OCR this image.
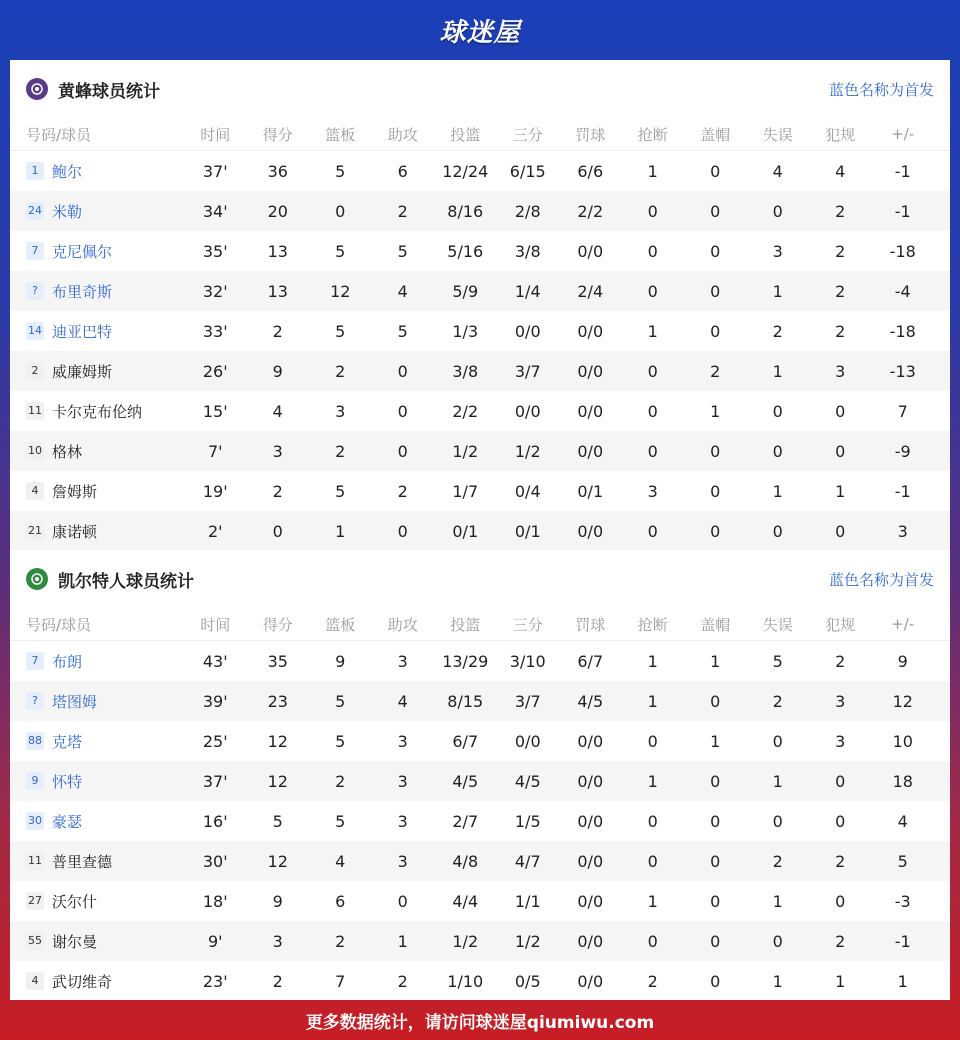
球迷屋
黄蜂球员统计	蓝色名称为首发
号码/球员	时间	得分	篮板	助攻	投篮	三分	罚球	抢断	盖帽	失误	犯规	+/-
1 鲍尔	37'	36	5	6	12/24	6/15	6/6	1	0	4	4	-1
24 米勒	34'	20	0	2	8/16	2/8	2/2	0	0	0	2	-1
7 克尼佩尔	35'	13	5	5	5/16	3/8	0/0	0	0	3	2	-18
? 布里奇斯	32'	13	12	4	5/9	1/4	2/4	0	0	1	2	-4
14 迪亚巴特	33'	2	5	5	1/3	0/0	0/0	1	0	2	2	-18
2 威廉姆斯	26'	9	2	0	3/8	3/7	0/0	0	2	1	3	-13
11 卡尔克布伦纳	15'	4	3	0	2/2	0/0	0/0	0	1	0	0	7
10 格林	7'	3	2	0	1/2	1/2	0/0	0	0	0	0	-9
4 詹姆斯	19'	2	5	2	1/7	0/4	0/1	3	0	1	1	-1
21 康诺顿	2'	0	1	0	0/1	0/1	0/0	0	0	0	0	3
凯尔特人球员统计	蓝色名称为首发
号码/球员	时间	得分	篮板	助攻	投篮	三分	罚球	抢断	盖帽	失误	犯规	+/-
7 布朗	43'	35	9	3	13/29	3/10	6/7	1	1	5	2	9
? 塔图姆	39'	23	5	4	8/15	3/7	4/5	1	0	2	3	12
88 克塔	25'	12	5	3	6/7	0/0	0/0	0	1	0	3	10
9 怀特	37'	12	2	3	4/5	4/5	0/0	1	0	1	0	18
30 豪瑟	16'	5	5	3	2/7	1/5	0/0	0	0	0	0	4
11 普里查德	30'	12	4	3	4/8	4/7	0/0	0	0	2	2	5
27 沃尔什	18'	9	6	0	4/4	1/1	0/0	1	0	1	0	-3
55 谢尔曼	9'	3	2	1	1/2	1/2	0/0	0	0	0	2	-1
4 武切维奇	23'	2	7	2	1/10	0/5	0/0	2	0	1	1	1
更多数据统计，请访问球迷屋qiumiwu.com
